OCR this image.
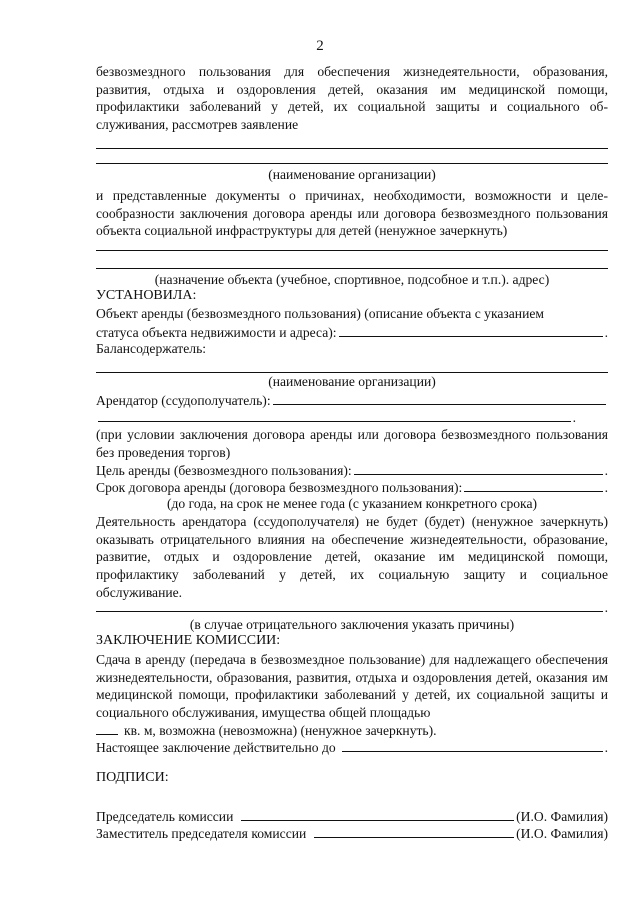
2
безвозмездного пользования для обеспечения жизнедеятельности, образования, развития, отдыха и оздоровления детей, оказания им медицинской помощи, профилактики заболеваний у детей, их социальной защиты и социального обслуживания, рассмотрев заявление
(наименование организации)
и представленные документы о причинах, необходимости, возможности и целесообразности заключения договора аренды или договора безвозмездного пользования объекта социальной инфраструктуры для детей (ненужное зачеркнуть)
(назначение объекта (учебное, спортивное, подсобное и т.п.). адрес)
УСТАНОВИЛА:
Объект аренды (безвозмездного пользования) (описание объекта с указанием
статуса объекта недвижимости и адреса):	.
Балансодержатель:
(наименование организации)
Арендатор (ссудополучатель):
.
(при условии заключения договора аренды или договора безвозмездного пользования без проведения торгов)
Цель аренды (безвозмездного пользования):	.
Срок договора аренды (договора безвозмездного пользования):	.
(до года, на срок не менее года (с указанием конкретного срока)
Деятельность арендатора (ссудополучателя) не будет (будет) (ненужное зачеркнуть) оказывать отрицательного влияния на обеспечение жизнедеятельности, образование, развитие, отдых и оздоровление детей, оказание им медицинской помощи, профилактику заболеваний у детей, их социальную защиту и социальное обслуживание.
.
(в случае отрицательного заключения указать причины)
ЗАКЛЮЧЕНИЕ КОМИССИИ:
Сдача в аренду (передача в безвозмездное пользование) для надлежащего обеспечения жизнедеятельности, образования, развития, отдыха и оздоровления детей, оказания им медицинской помощи, профилактики заболеваний у детей, их социальной защиты и социального обслуживания, имущества общей площадью
кв. м, возможна (невозможна) (ненужное зачеркнуть).
Настоящее заключение действительно до	.
ПОДПИСИ:
Председатель комиссии	(И.О. Фамилия)
Заместитель председателя комиссии	(И.О. Фамилия)
